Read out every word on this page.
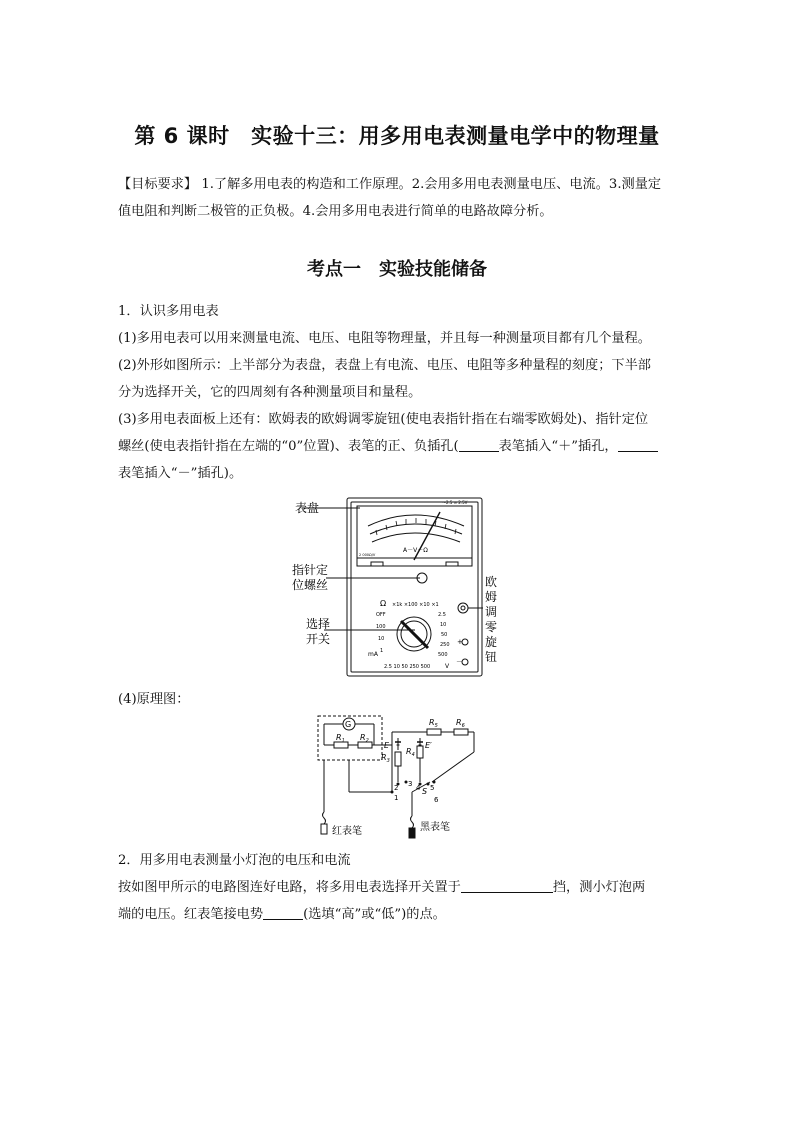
第 6 课时　实验十三：用多用电表测量电学中的物理量
【目标要求】 1.了解多用电表的构造和工作原理。2.会用多用电表测量电压、电流。3.测量定
值电阻和判断二极管的正负极。4.会用多用电表进行简单的电路故障分析。
考点一　实验技能储备
1．认识多用电表
(1)多用电表可以用来测量电流、电压、电阻等物理量，并且每一种测量项目都有几个量程。
(2)外形如图所示：上半部分为表盘，表盘上有电流、电压、电阻等多种量程的刻度；下半部
分为选择开关，它的四周刻有各种测量项目和量程。
(3)多用电表面板上还有：欧姆表的欧姆调零旋钮(使电表指针指在右端零欧姆处)、指针定位
螺丝(使电表指针指在左端的“0”位置)、表笔的正、负插孔(	表笔插入“＋”插孔，
表笔插入“－”插孔)。
表盘
指针定
位螺丝
选择
开关
欧
姆
调
零
旋
钮
A－V－Ω
2 000Ω/V
～2.5 ⊙ 2.5V
Ω ×1k ×100 ×10 ×1
OFF
100
10
1
mA
2.5
10
50
250
500
2.5 10 50 250 500 V
+
－
(4)原理图：
G
$R_1$ $R_2$
$R_3$
$R_4$
$R_5$ $R_6$
E	E′
S
1
2 3 4 5
6
红表笔	黑表笔
2．用多用电表测量小灯泡的电压和电流
按如图甲所示的电路图连好电路，将多用电表选择开关置于	挡，测小灯泡两
端的电压。红表笔接电势	(选填“高”或“低”)的点。
